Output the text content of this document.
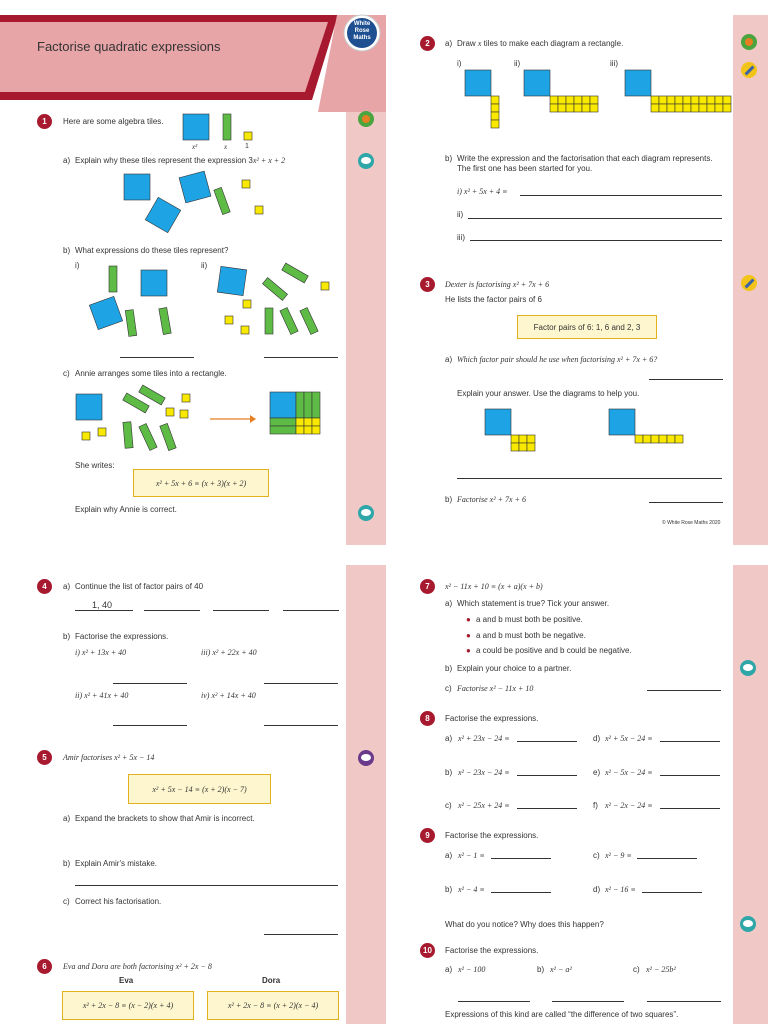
Factorise quadratic expressions
White
Rose
Maths
1	Here are some algebra tiles.
x²	x	1
a) Explain why these tiles represent the expression 3x² + x + 2
b) What expressions do these tiles represent?
i)	ii)
c) Annie arranges some tiles into a rectangle.
She writes:
x² + 5x + 6 ≡ (x + 3)(x + 2)
Explain why Annie is correct.
2	a) Draw x tiles to make each diagram a rectangle.
i)	ii)	iii)
b) Write the expression and the factorisation that each diagram represents.
The first one has been started for you.
i) x² + 5x + 4 ≡
ii)
iii)
3	Dexter is factorising x² + 7x + 6
He lists the factor pairs of 6
Factor pairs of 6: 1, 6 and 2, 3
a) Which factor pair should he use when factorising x² + 7x + 6?
Explain your answer. Use the diagrams to help you.
b) Factorise x² + 7x + 6
© White Rose Maths 2020
4	a) Continue the list of factor pairs of 40
1, 40
b) Factorise the expressions.
i) x² + 13x + 40	iii) x² + 22x + 40
ii) x² + 41x + 40	iv) x² + 14x + 40
5	Amir factorises x² + 5x − 14
x² + 5x − 14 ≡ (x + 2)(x − 7)
a) Expand the brackets to show that Amir is incorrect.
b) Explain Amir's mistake.
c) Correct his factorisation.
6	Eva and Dora are both factorising x² + 2x − 8
Eva	Dora
x² + 2x − 8 ≡ (x − 2)(x + 4)	x² + 2x − 8 ≡ (x + 2)(x − 4)
7	x² − 11x + 10 ≡ (x + a)(x + b)
a) Which statement is true? Tick your answer.
● a and b must both be positive.
● a and b must both be negative.
● a could be positive and b could be negative.
b) Explain your choice to a partner.
c) Factorise x² − 11x + 10
8	Factorise the expressions.
a) x² + 23x − 24 ≡	d) x² + 5x − 24 ≡
b) x² − 23x − 24 ≡	e) x² − 5x − 24 ≡
c) x² − 25x + 24 ≡	f) x² − 2x − 24 ≡
9	Factorise the expressions.
a) x² − 1 ≡	c) x² − 9 ≡
b) x² − 4 ≡	d) x² − 16 ≡
What do you notice? Why does this happen?
10	Factorise the expressions.
a) x² − 100	b) x² − a²	c) x² − 25b²
Expressions of this kind are called “the difference of two squares”.
